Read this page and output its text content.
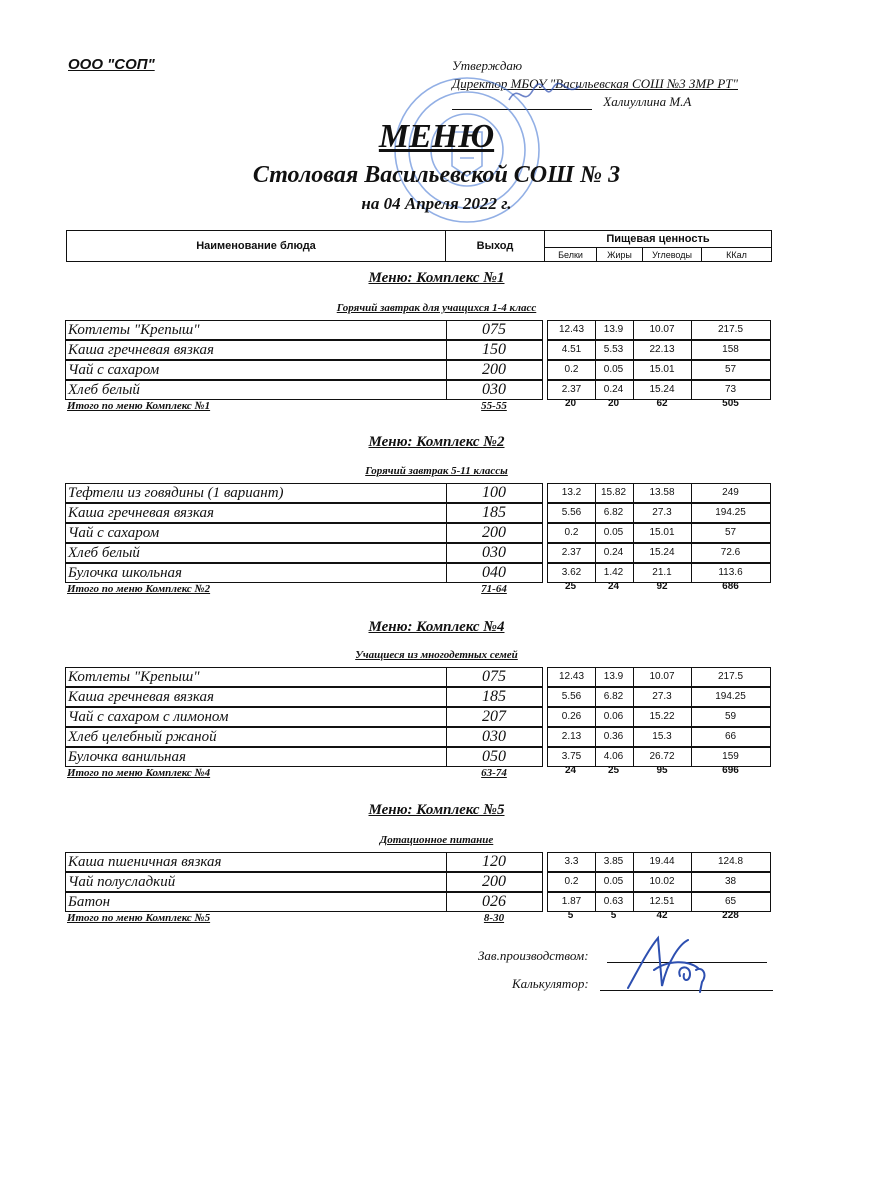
ООО "СОП"	Утверждаю
Директор МБОУ "Васильевская СОШ №3 ЗМР РТ"
Халиуллина М.А
МЕНЮ
Столовая Васильевской СОШ № 3
на 04 Апреля 2022 г.
Наименование блюда	Выход	Пищевая ценность			
		Белки	Жиры	Углеводы	ККал
Меню: Комплекс №1
Горячий завтрак для учащихся 1-4 класс
Котлеты "Крепыш"	075	12.43	13.9	10.07	217.5
Каша гречневая вязкая	150	4.51	5.53	22.13	158
Чай с сахаром	200	0.2	0.05	15.01	57
Хлеб белый	030	2.37	0.24	15.24	73
Итого по меню Комплекс №1	55-55	20	20	62	505
Меню: Комплекс №2
Горячий завтрак 5-11 классы
Тефтели из говядины (1 вариант)	100	13.2	15.82	13.58	249
Каша гречневая вязкая	185	5.56	6.82	27.3	194.25
Чай с сахаром	200	0.2	0.05	15.01	57
Хлеб белый	030	2.37	0.24	15.24	72.6
Булочка школьная	040	3.62	1.42	21.1	113.6
Итого по меню Комплекс №2	71-64	25	24	92	686
Меню: Комплекс №4
Учащиеся из многодетных семей
Котлеты "Крепыш"	075	12.43	13.9	10.07	217.5
Каша гречневая вязкая	185	5.56	6.82	27.3	194.25
Чай с сахаром с лимоном	207	0.26	0.06	15.22	59
Хлеб целебный ржаной	030	2.13	0.36	15.3	66
Булочка ванильная	050	3.75	4.06	26.72	159
Итого по меню Комплекс №4	63-74	24	25	95	696
Меню: Комплекс №5
Дотационное питание
Каша пшеничная вязкая	120	3.3	3.85	19.44	124.8
Чай полусладкий	200	0.2	0.05	10.02	38
Батон	026	1.87	0.63	12.51	65
Итого по меню Комплекс №5	8-30	5	5	42	228
Зав.производством:
Калькулятор:
